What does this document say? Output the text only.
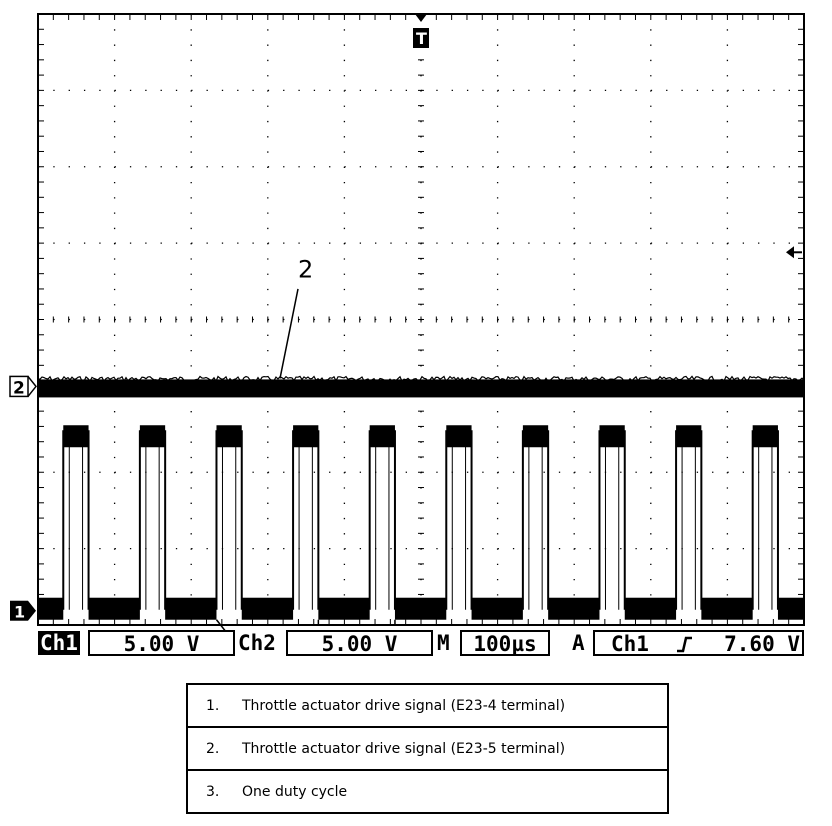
1
2
T
2
Ch1	5.00 V	Ch2	5.00 V	M	100µs	A Ch1	7.60 V
1. Throttle actuator drive signal (E23-4 terminal)
2. Throttle actuator drive signal (E23-5 terminal)
3. One duty cycle
